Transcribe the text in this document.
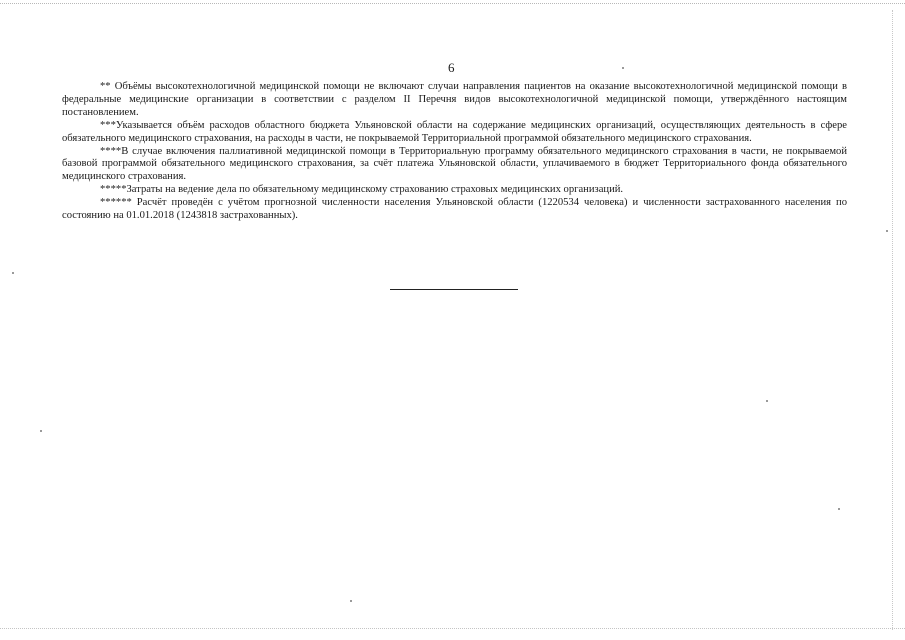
6

** Объёмы высокотехнологичной медицинской помощи не включают случаи направления пациентов на оказание высокотехнологичной медицинской помощи в федеральные медицинские организации в соответствии с разделом II Перечня видов высокотехнологичной медицинской помощи, утверждённого настоящим постановлением.

***Указывается объём расходов областного бюджета Ульяновской области на содержание медицинских организаций, осуществляющих деятельность в сфере обязательного медицинского страхования, на расходы в части, не покрываемой Территориальной программой обязательного медицинского страхования.

****В случае включения паллиативной медицинской помощи в Территориальную программу обязательного медицинского страхования в части, не покрываемой базовой программой обязательного медицинского страхования, за счёт платежа Ульяновской области, уплачиваемого в бюджет Территориального фонда обязательного медицинского страхования.

*****Затраты на ведение дела по обязательному медицинскому страхованию страховых медицинских организаций.

****** Расчёт проведён с учётом прогнозной численности населения Ульяновской области (1220534 человека) и численности застрахованного населения по состоянию на 01.01.2018 (1243818 застрахованных).
